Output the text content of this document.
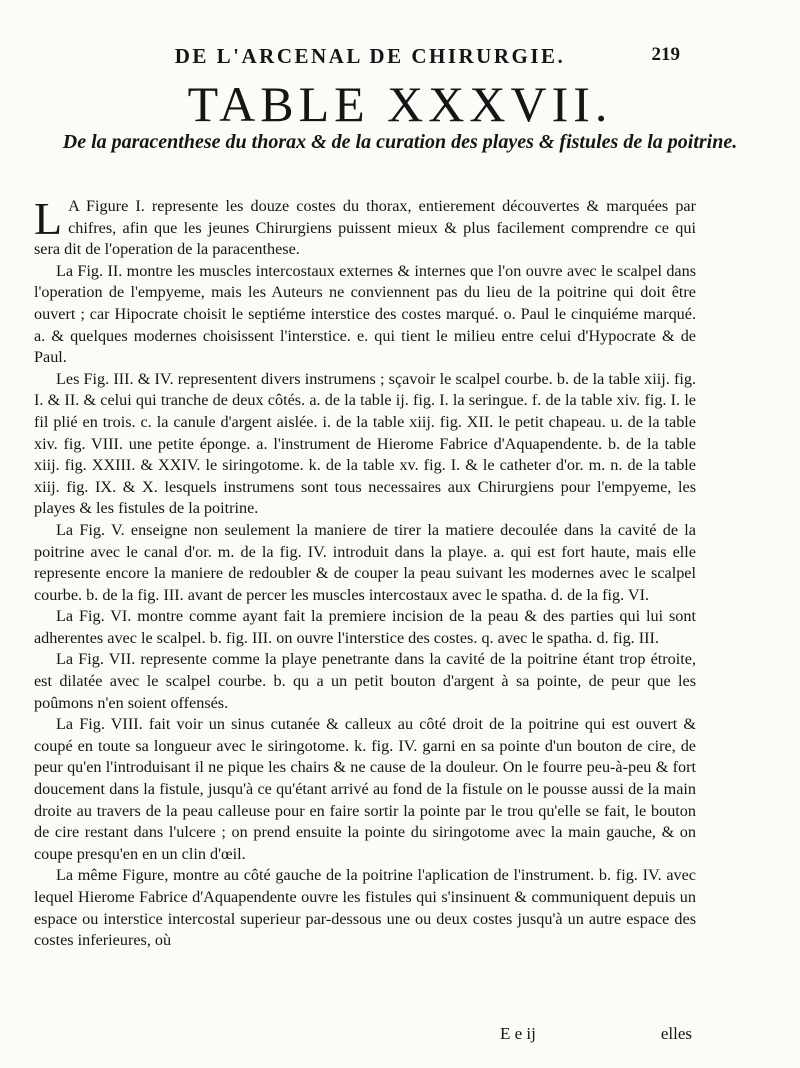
DE L'ARCENAL DE CHIRURGIE.	219
TABLE XXXVII.
De la paracenthese du thorax & de la curation des playes & fistules de la poitrine.

L A Figure I. represente les douze costes du thorax, entierement découvertes & marquées par chifres, afin que les jeunes Chirurgiens puissent mieux & plus facilement comprendre ce qui sera dit de l'operation de la paracenthese.

La Fig. II. montre les muscles intercostaux externes & internes que l'on ouvre avec le scalpel dans l'operation de l'empyeme, mais les Auteurs ne conviennent pas du lieu de la poitrine qui doit être ouvert ; car Hipocrate choisit le septiéme interstice des costes marqué. o. Paul le cinquiéme marqué. a. & quelques modernes choisissent l'interstice. e. qui tient le milieu entre celui d'Hypocrate & de Paul.

Les Fig. III. & IV. representent divers instrumens ; sçavoir le scalpel courbe. b. de la table xiij. fig. I. & II. & celui qui tranche de deux côtés. a. de la table ij. fig. I. la seringue. f. de la table xiv. fig. I. le fil plié en trois. c. la canule d'argent aislée. i. de la table xiij. fig. XII. le petit chapeau. u. de la table xiv. fig. VIII. une petite éponge. a. l'instrument de Hierome Fabrice d'Aquapendente. b. de la table xiij. fig. XXIII. & XXIV. le siringotome. k. de la table xv. fig. I. & le catheter d'or. m. n. de la table xiij. fig. IX. & X. lesquels instrumens sont tous necessaires aux Chirurgiens pour l'empyeme, les playes & les fistules de la poitrine.

La Fig. V. enseigne non seulement la maniere de tirer la matiere decoulée dans la cavité de la poitrine avec le canal d'or. m. de la fig. IV. introduit dans la playe. a. qui est fort haute, mais elle represente encore la maniere de redoubler & de couper la peau suivant les modernes avec le scalpel courbe. b. de la fig. III. avant de percer les muscles intercostaux avec le spatha. d. de la fig. VI.

La Fig. VI. montre comme ayant fait la premiere incision de la peau & des parties qui lui sont adherentes avec le scalpel. b. fig. III. on ouvre l'interstice des costes. q. avec le spatha. d. fig. III.

La Fig. VII. represente comme la playe penetrante dans la cavité de la poitrine étant trop étroite, est dilatée avec le scalpel courbe. b. qu a un petit bouton d'argent à sa pointe, de peur que les poûmons n'en soient offensés.

La Fig. VIII. fait voir un sinus cutanée & calleux au côté droit de la poitrine qui est ouvert & coupé en toute sa longueur avec le siringotome. k. fig. IV. garni en sa pointe d'un bouton de cire, de peur qu'en l'introduisant il ne pique les chairs & ne cause de la douleur. On le fourre peu-à-peu & fort doucement dans la fistule, jusqu'à ce qu'étant arrivé au fond de la fistule on le pousse aussi de la main droite au travers de la peau calleuse pour en faire sortir la pointe par le trou qu'elle se fait, le bouton de cire restant dans l'ulcere ; on prend ensuite la pointe du siringotome avec la main gauche, & on coupe presqu'en en un clin d'œil.

La même Figure, montre au côté gauche de la poitrine l'aplication de l'instrument. b. fig. IV. avec lequel Hierome Fabrice d'Aquapendente ouvre les fistules qui s'insinuent & communiquent depuis un espace ou interstice intercostal superieur par-dessous une ou deux costes jusqu'à un autre espace des costes inferieures, où

E e ij	elles
